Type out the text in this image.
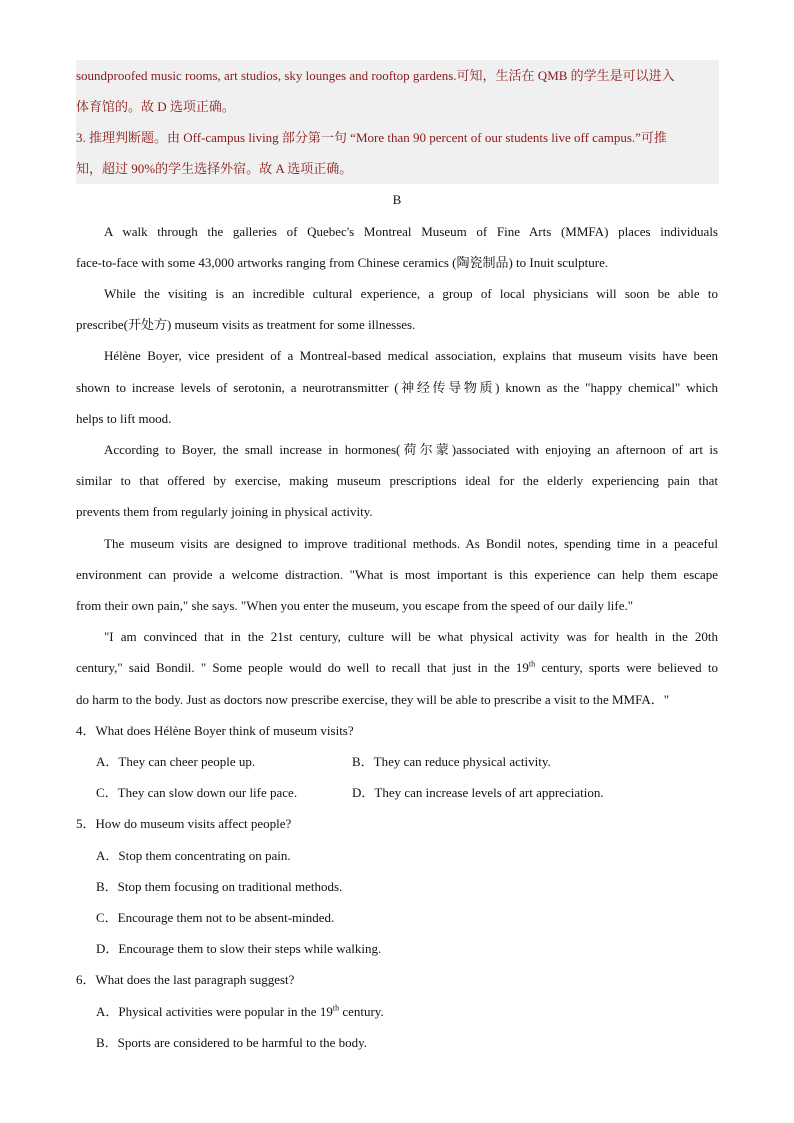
soundproofed music rooms, art studios, sky lounges and rooftop gardens.可知，生活在 QMB 的学生是可以进入
体育馆的。故 D 选项正确。
3. 推理判断题。由 Off-campus living 部分第一句 “More than 90 percent of our students live off campus.”可推
知，超过 90%的学生选择外宿。故 A 选项正确。
B
A walk through the galleries of Quebec's Montreal Museum of Fine Arts (MMFA) places individuals
face-to-face with some 43,000 artworks ranging from Chinese ceramics (陶瓷制品) to Inuit sculpture.
While the visiting is an incredible cultural experience, a group of local physicians will soon be able to
prescribe(开处方) museum visits as treatment for some illnesses.
Hélène Boyer, vice president of a Montreal-based medical association, explains that museum visits have been
shown to increase levels of serotonin, a neurotransmitter (神经传导物质) known as the "happy chemical" which
helps to lift mood.
According to Boyer, the small increase in hormones(荷尔蒙)associated with enjoying an afternoon of art is
similar to that offered by exercise, making museum prescriptions ideal for the elderly experiencing pain that
prevents them from regularly joining in physical activity.
The museum visits are designed to improve traditional methods. As Bondil notes, spending time in a peaceful
environment can provide a welcome distraction. "What is most important is this experience can help them escape
from their own pain," she says. "When you enter the museum, you escape from the speed of our daily life."
"I am convinced that in the 21st century, culture will be what physical activity was for health in the 20th
century," said Bondil. " Some people would do well to recall that just in the 19th century, sports were believed to
do harm to the body. Just as doctors now prescribe exercise, they will be able to prescribe a visit to the MMFA．"
4．What does Hélène Boyer think of museum visits?
A．They can cheer people up.	B．They can reduce physical activity.
C．They can slow down our life pace.	D．They can increase levels of art appreciation.
5．How do museum visits affect people?
A．Stop them concentrating on pain.
B．Stop them focusing on traditional methods.
C．Encourage them not to be absent-minded.
D．Encourage them to slow their steps while walking.
6．What does the last paragraph suggest?
A．Physical activities were popular in the 19th century.
B．Sports are considered to be harmful to the body.
